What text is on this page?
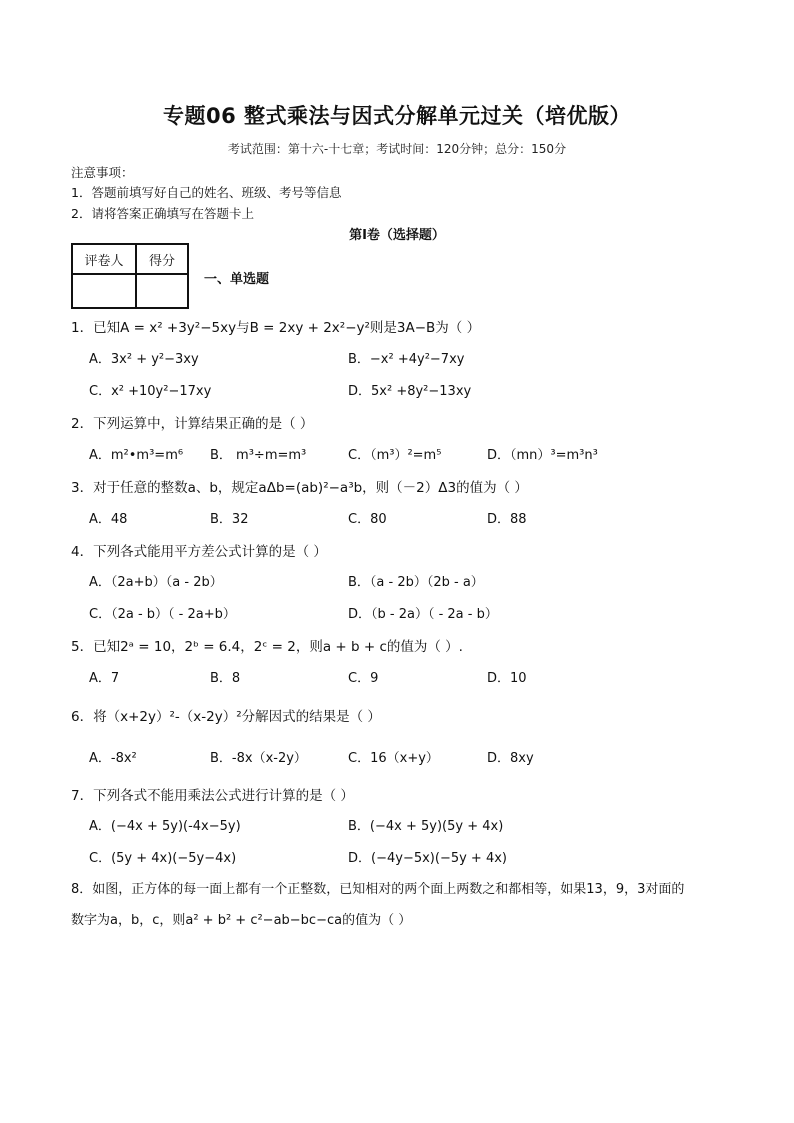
专题06 整式乘法与因式分解单元过关（培优版）
考试范围：第十六-十七章；考试时间：120分钟；总分：150分
注意事项：
1．答题前填写好自己的姓名、班级、考号等信息
2．请将答案正确填写在答题卡上
第I卷（选择题）
评卷人	得分

一、单选题
1．已知A = x² +3y²−5xy与B = 2xy + 2x²−y²则是3A−B为（ ）
A．3x² + y²−3xy	B．−x² +4y²−7xy
C．x² +10y²−17xy	D．5x² +8y²−13xy
2．下列运算中，计算结果正确的是（ ）
A．m²•m³=m⁶ B． m³÷m=m³	C．（m³）²=m⁵	D．（mn）³=m³n³
3．对于任意的整数a、b，规定aΔb=(ab)²−a³b，则（－2）Δ3的值为（ ）
A．48	B．32	C．80	D．88
4．下列各式能用平方差公式计算的是（ ）
A．（2a+b）（a - 2b）	B．（a - 2b）（2b - a）
C．（2a - b）（ - 2a+b）	D．（b - 2a）（ - 2a - b）
5．已知2ᵃ = 10，2ᵇ = 6.4，2ᶜ = 2，则a + b + c的值为（ ）.
A．7	B．8	C．9	D．10
6．将（x+2y）²-（x-2y）²分解因式的结果是（ ）
A．-8x²	B．-8x（x-2y）	C．16（x+y）	D．8xy
7．下列各式不能用乘法公式进行计算的是（ ）
A．(−4x + 5y)(-4x−5y)	B．(−4x + 5y)(5y + 4x)
C．(5y + 4x)(−5y−4x)	D．(−4y−5x)(−5y + 4x)
8．如图，正方体的每一面上都有一个正整数，已知相对的两个面上两数之和都相等，如果13，9，3对面的
数字为a，b，c，则a² + b² + c²−ab−bc−ca的值为（ ）
